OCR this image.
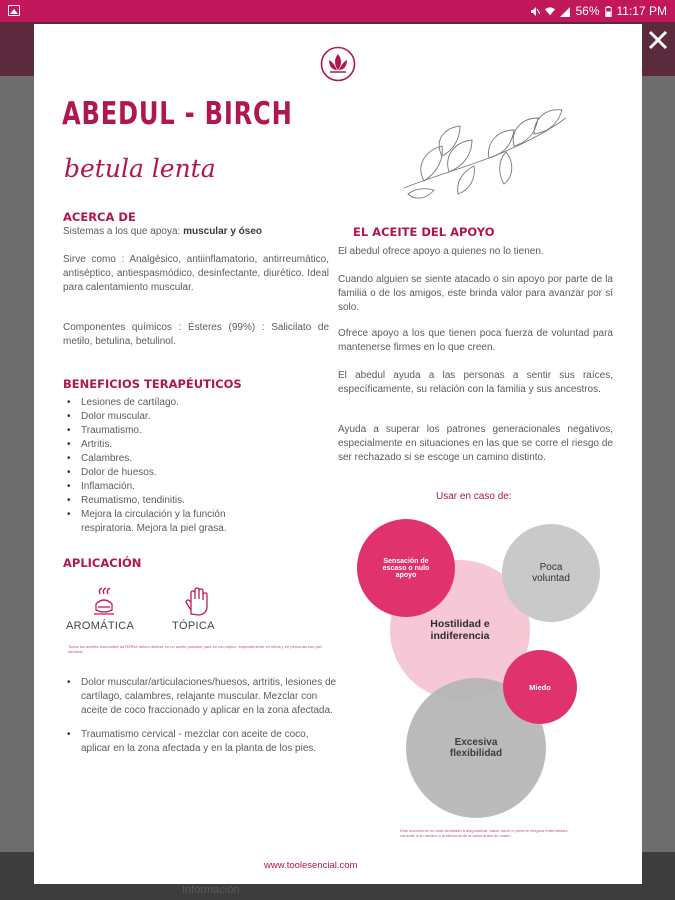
56% 11:17 PM
Información
ABEDUL - BIRCH
betula lenta
ACERCA DE
Sistemas a los que apoya: muscular y óseo
Sirve como : Analgésico, antiinflamatorio, antirreumático, antiséptico, antiespasmódico, desinfectante, diurético. Ideal para calentamiento muscular.
Componentes químicos : Ésteres (99%) : Salicilato de metilo, betulina, betulinol.
BENEFICIOS TERAPÉUTICOS
• Lesiones de cartílago.
• Dolor muscular.
• Traumatismo.
• Artritis.
• Calambres.
• Dolor de huesos.
• Inflamación.
• Reumatismo, tendinitis.
• Mejora la circulación y la función respiratoria. Mejora la piel grasa.
APLICACIÓN
AROMÁTICA	TÓPICA
Todos los aceites esenciales doTERRA deben diluirse en un aceite portador para su uso tópico, especialmente en niños y en personas con piel sensible.
• Dolor muscular/articulaciones/huesos, artritis, lesiones de cartílago, calambres, relajante muscular. Mezclar con aceite de coco fraccionado y aplicar en la zona afectada.
• Traumatismo cervical - mezclar con aceite de coco, aplicar en la zona afectada y en la planta de los pies.
EL ACEITE DEL APOYO
El abedul ofrece apoyo a quienes no lo tienen.
Cuando alguien se siente atacado o sin apoyo por parte de la familia o de los amigos, este brinda valor para avanzar por sí solo.
Ofrece apoyo a los que tienen poca fuerza de voluntad para mantenerse firmes en lo que creen.
El abedul ayuda a las personas a sentir sus raíces, específicamente, su relación con la familia y sus ancestros.
Ayuda a superar los patrones generacionales negativos, especialmente en situaciones en las que se corre el riesgo de ser rechazado si se escoge un camino distinto.
Usar en caso de:
Hostilidad e indiferencia
Excesiva flexibilidad
Poca voluntad
Sensación de escaso o nulo apoyo
Miedo
Este documento no está destinado a diagnosticar, tratar, curar o prevenir ninguna enfermedad; consulte a su médico o profesional de la salud antes de usarlo.
www.toolesencial.com
